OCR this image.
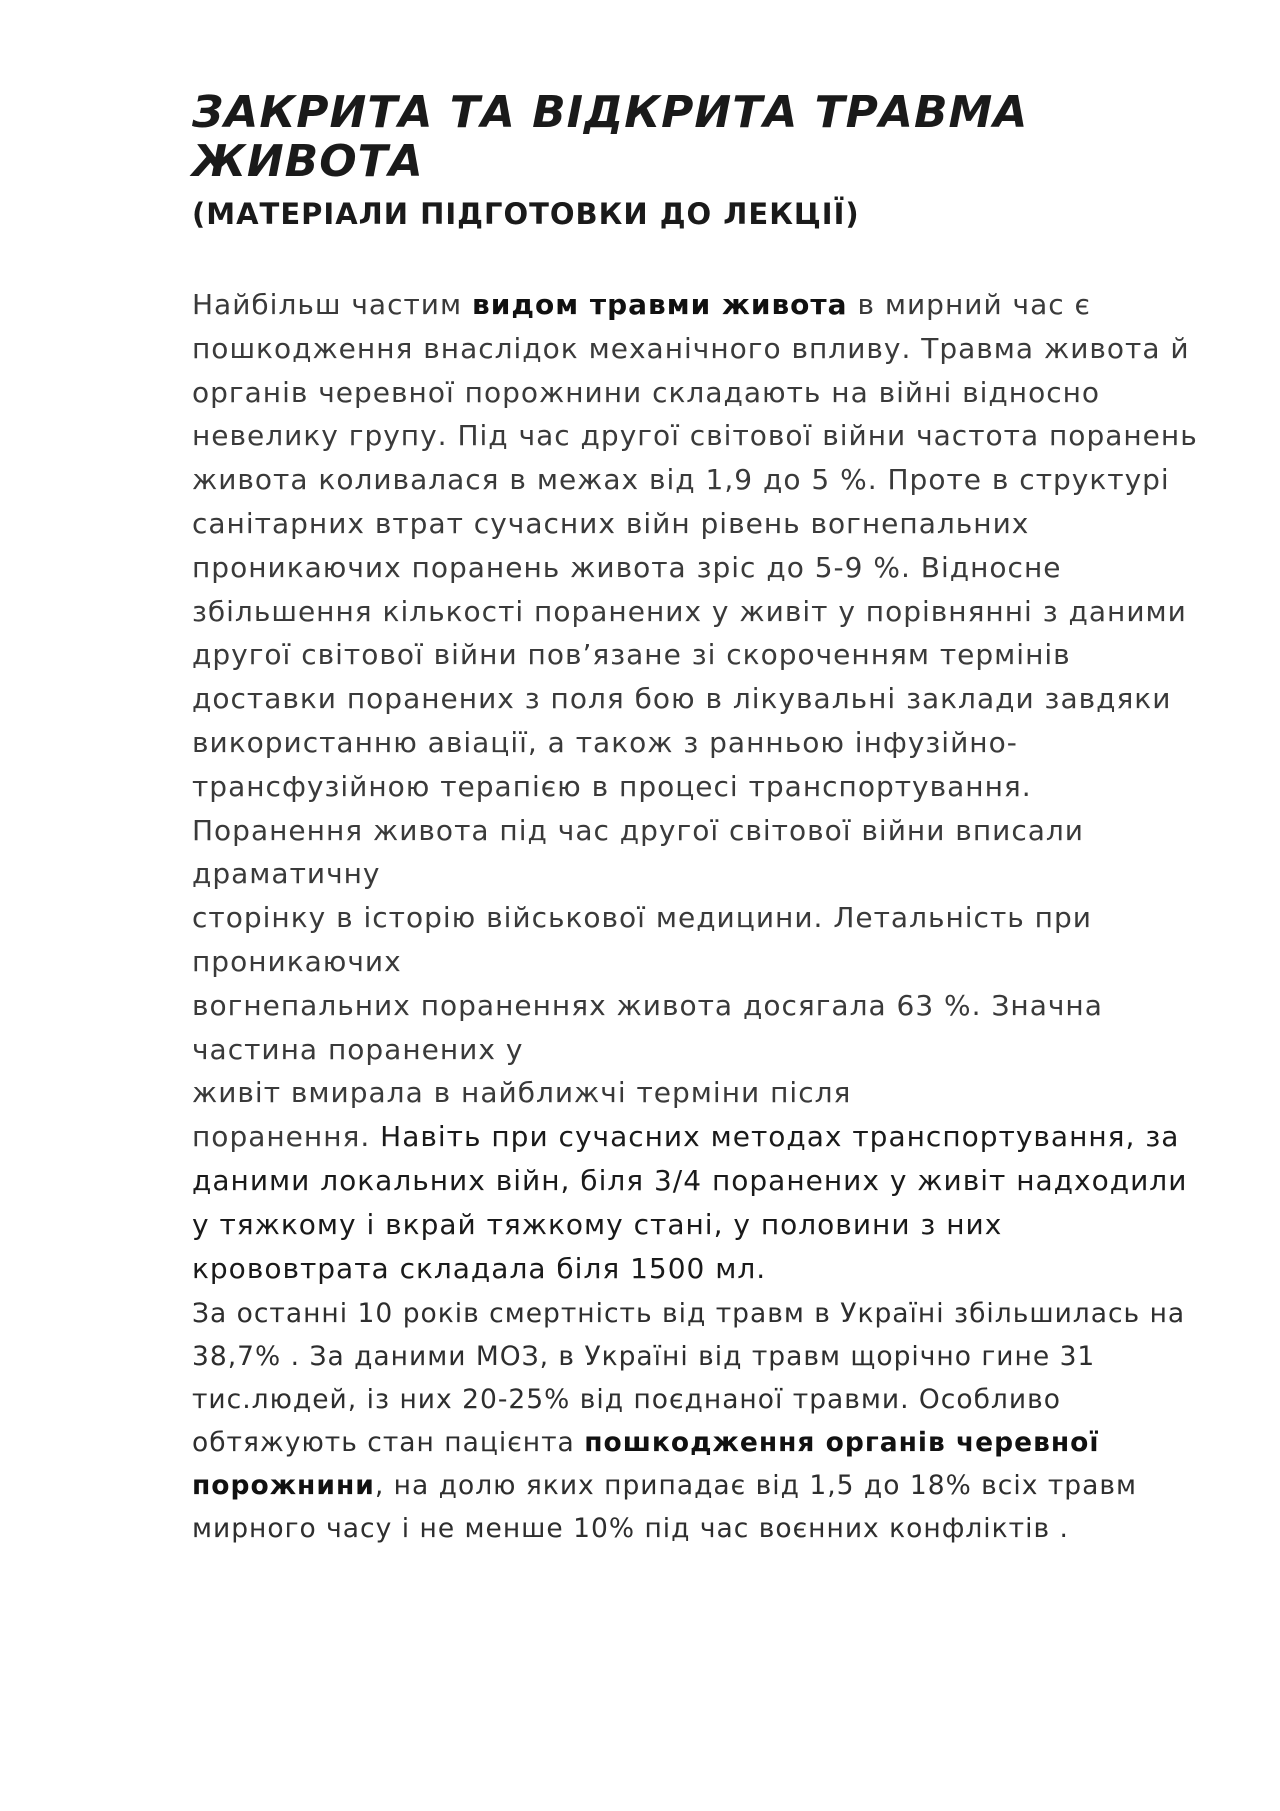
ЗАКРИТА ТА ВІДКРИТА ТРАВМА ЖИВОТА
(МАТЕРІАЛИ ПІДГОТОВКИ ДО ЛЕКЦІЇ)

Найбільш частим видом травми живота в мирний час є пошкодження внаслідок механічного впливу. Травма живота й органів черевної порожнини складають на війні відносно невелику групу. Під час другої світової війни частота поранень живота коливалася в межах від 1,9 до 5 %. Проте в структурі санітарних втрат сучасних війн рівень вогнепальних проникаючих поранень живота зріс до 5-9 %. Відносне збільшення кількості поранених у живіт у порівнянні з даними другої світової війни пов’язане зі скороченням термінів доставки поранених з поля бою в лікувальні заклади завдяки використанню авіації, а також з ранньою інфузійно-трансфузійною терапією в процесі транспортування.

Поранення живота під час другої світової війни вписали драматичну
сторінку в історію військової медицини. Летальність при проникаючих
вогнепальних пораненнях живота досягала 63 %. Значна частина поранених у
живіт вмирала в найближчі терміни після
поранення. Навіть при сучасних методах транспортування, за даними локальних війн, біля 3/4 поранених у живіт надходили у тяжкому і вкрай тяжкому стані, у половини з них крововтрата складала біля 1500 мл.

За останні 10 років смертність від травм в Україні збільшилась на 38,7% . За даними МОЗ, в Україні від травм щорічно гине 31 тис.людей, із них 20-25% від поєднаної травми. Особливо обтяжують стан пацієнта пошкодження органів черевної порожнини, на долю яких припадає від 1,5 до 18% всіх травм мирного часу і не менше 10% під час воєнних конфліктів .
